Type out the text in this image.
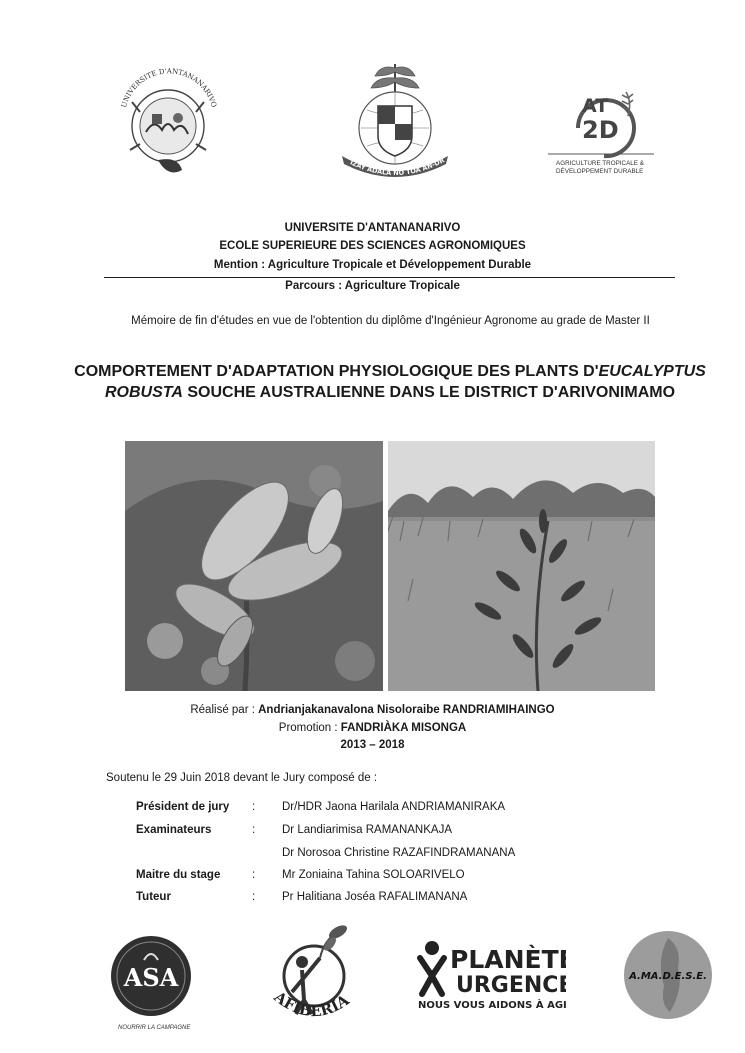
UNIVERSITE D'ANTANANARIVO
IZAY ADALA NO TOA AN-DR
AT
2D
AGRICULTURE TROPICALE &
DÉVELOPPEMENT DURABLE
UNIVERSITE D'ANTANANARIVO
ECOLE SUPERIEURE DES SCIENCES AGRONOMIQUES
Mention : Agriculture Tropicale et Développement Durable
Parcours : Agriculture Tropicale
Mémoire de fin d'études en vue de l'obtention du diplôme d'Ingénieur Agronome au grade de Master II
COMPORTEMENT D'ADAPTATION PHYSIOLOGIQUE DES PLANTS D'EUCALYPTUS ROBUSTA SOUCHE AUSTRALIENNE DANS LE DISTRICT D'ARIVONIMAMO
Réalisé par : Andrianjakanavalona Nisoloraibe RANDRIAMIHAINGO
Promotion : FANDRIÀKA MISONGA
2013 – 2018
Soutenu le 29 Juin 2018 devant le Jury composé de :
Président de jury : Dr/HDR Jaona Harilala ANDRIAMANIRAKA
Examinateurs	: Dr Landiarimisa RAMANANKAJA
Dr Norosoa Christine RAZAFINDRAMANANA
Maitre du stage	: Mr Zoniaina Tahina SOLOARIVELO
Tuteur	: Pr Halitiana Joséa RAFALIMANANA
ASA
NOURRIR LA CAMPAGNE
AFIBERIA
PLANÈTE
URGENCE
NOUS VOUS AIDONS À AGIR
A.MA.D.E.S.E.
